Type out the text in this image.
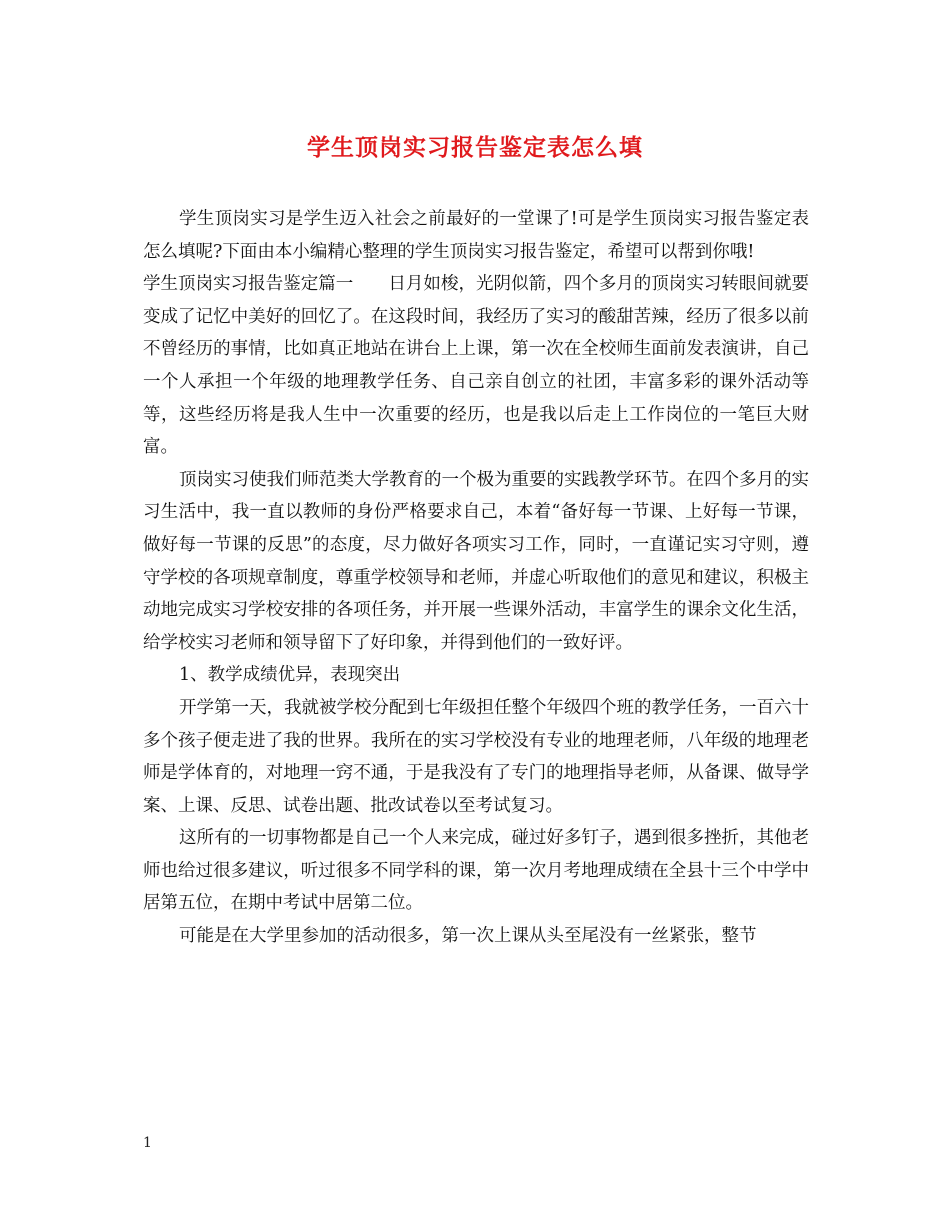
学生顶岗实习报告鉴定表怎么填

学生顶岗实习是学生迈入社会之前最好的一堂课了!可是学生顶岗实习报告鉴定表怎么填呢?下面由本小编精心整理的学生顶岗实习报告鉴定，希望可以帮到你哦!

学生顶岗实习报告鉴定篇一　　日月如梭，光阴似箭，四个多月的顶岗实习转眼间就要变成了记忆中美好的回忆了。在这段时间，我经历了实习的酸甜苦辣，经历了很多以前不曾经历的事情，比如真正地站在讲台上上课，第一次在全校师生面前发表演讲，自己一个人承担一个年级的地理教学任务、自己亲自创立的社团，丰富多彩的课外活动等等，这些经历将是我人生中一次重要的经历，也是我以后走上工作岗位的一笔巨大财富。

顶岗实习使我们师范类大学教育的一个极为重要的实践教学环节。在四个多月的实习生活中，我一直以教师的身份严格要求自己，本着“备好每一节课、上好每一节课，做好每一节课的反思”的态度，尽力做好各项实习工作，同时，一直谨记实习守则，遵守学校的各项规章制度，尊重学校领导和老师，并虚心听取他们的意见和建议，积极主动地完成实习学校安排的各项任务，并开展一些课外活动，丰富学生的课余文化生活，给学校实习老师和领导留下了好印象，并得到他们的一致好评。

1、教学成绩优异，表现突出

开学第一天，我就被学校分配到七年级担任整个年级四个班的教学任务，一百六十多个孩子便走进了我的世界。我所在的实习学校没有专业的地理老师，八年级的地理老师是学体育的，对地理一窍不通，于是我没有了专门的地理指导老师，从备课、做导学案、上课、反思、试卷出题、批改试卷以至考试复习。

这所有的一切事物都是自己一个人来完成，碰过好多钉子，遇到很多挫折，其他老师也给过很多建议，听过很多不同学科的课，第一次月考地理成绩在全县十三个中学中居第五位，在期中考试中居第二位。

可能是在大学里参加的活动很多，第一次上课从头至尾没有一丝紧张，整节

1
